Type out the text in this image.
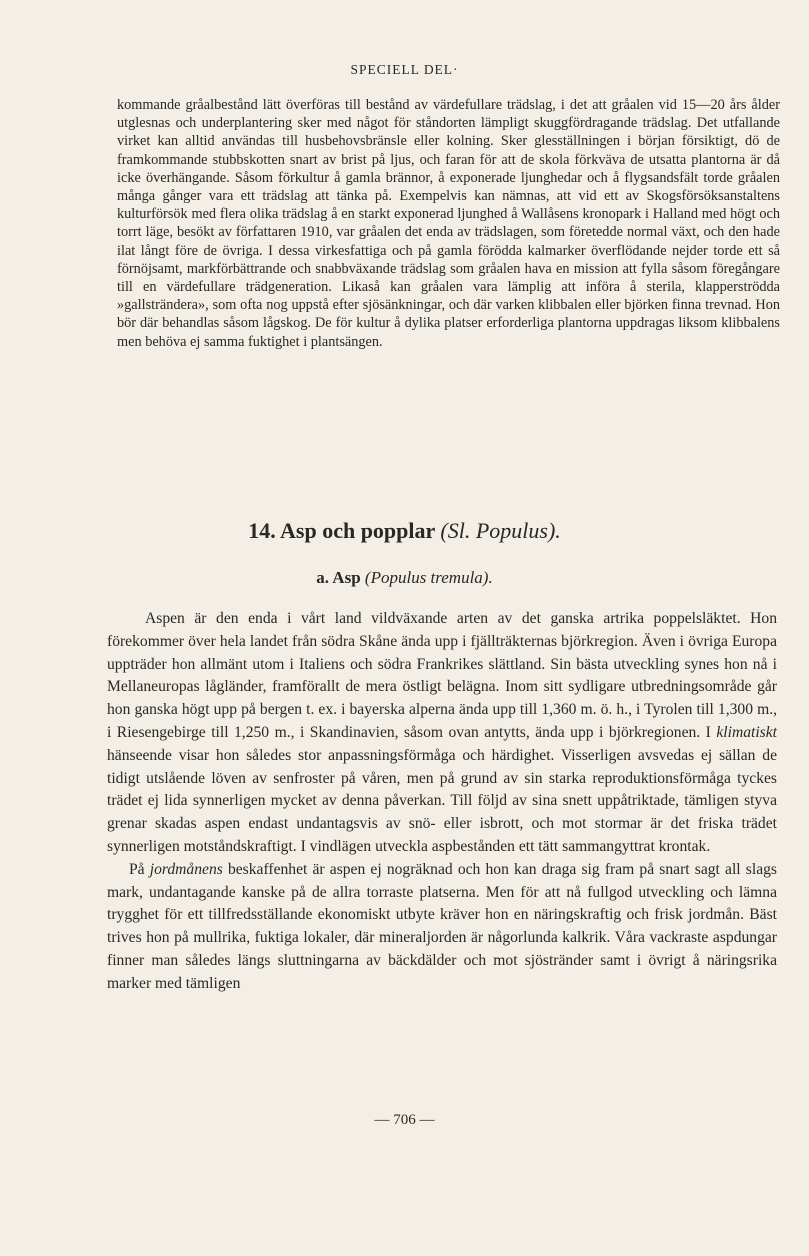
SPECIELL DEL·
kommande gråalbestånd lätt överföras till bestånd av värdefullare trädslag, i det att gråalen vid 15—20 års ålder utglesnas och underplantering sker med något för ståndorten lämpligt skuggfördragande trädslag. Det utfallande virket kan alltid användas till husbehovsbränsle eller kolning. Sker glesställningen i början försiktigt, dö de framkommande stubbskotten snart av brist på ljus, och faran för att de skola förkväva de utsatta plantorna är då icke överhängande. Såsom förkultur å gamla brännor, å exponerade ljunghedar och å flygsandsfält torde gråalen många gånger vara ett trädslag att tänka på. Exempelvis kan nämnas, att vid ett av Skogsförsöksanstaltens kulturförsök med flera olika trädslag å en starkt exponerad ljunghed å Wallåsens kronopark i Halland med högt och torrt läge, besökt av författaren 1910, var gråalen det enda av trädslagen, som företedde normal växt, och den hade ilat långt före de övriga. I dessa virkesfattiga och på gamla förödda kalmarker överflödande nejder torde ett så förnöjsamt, markförbättrande och snabbväxande trädslag som gråalen hava en mission att fylla såsom föregångare till en värdefullare trädgeneration. Likaså kan gråalen vara lämplig att införa å sterila, klapperströdda »gallsträndera», som ofta nog uppstå efter sjösänkningar, och där varken klibbalen eller björken finna trevnad. Hon bör där behandlas såsom lågskog. De för kultur å dylika platser erforderliga plantorna uppdragas liksom klibbalens men behöva ej samma fuktighet i plantsängen.
14. Asp och popplar (Sl. Populus).
a. Asp (Populus tremula).

Aspen är den enda i vårt land vildväxande arten av det ganska artrika poppelsläktet. Hon förekommer över hela landet från södra Skåne ända upp i fjällträkternas björkregion. Även i övriga Europa uppträder hon allmänt utom i Italiens och södra Frankrikes slättland. Sin bästa utveckling synes hon nå i Mellaneuropas lågländer, framförallt de mera östligt belägna. Inom sitt sydligare utbredningsområde går hon ganska högt upp på bergen t. ex. i bayerska alperna ända upp till 1,360 m. ö. h., i Tyrolen till 1,300 m., i Riesengebirge till 1,250 m., i Skandinavien, såsom ovan antytts, ända upp i björkregionen. I klimatiskt hänseende visar hon således stor anpassningsförmåga och härdighet. Visserligen avsvedas ej sällan de tidigt utslående löven av senfroster på våren, men på grund av sin starka reproduktionsförmåga tyckes trädet ej lida synnerligen mycket av denna påverkan. Till följd av sina snett uppåtriktade, tämligen styva grenar skadas aspen endast undantagsvis av snö- eller isbrott, och mot stormar är det friska trädet synnerligen motståndskraftigt. I vindlägen utveckla aspbestånden ett tätt sammangyttrat krontak.

På jordmånens beskaffenhet är aspen ej nogräknad och hon kan draga sig fram på snart sagt all slags mark, undantagande kanske på de allra torraste platserna. Men för att nå fullgod utveckling och lämna trygghet för ett tillfredsställande ekonomiskt utbyte kräver hon en näringskraftig och frisk jordmån. Bäst trives hon på mullrika, fuktiga lokaler, där mineraljorden är någorlunda kalkrik. Våra vackraste aspdungar finner man således längs sluttningarna av bäckdälder och mot sjöstränder samt i övrigt å näringsrika marker med tämligen

— 706 —
